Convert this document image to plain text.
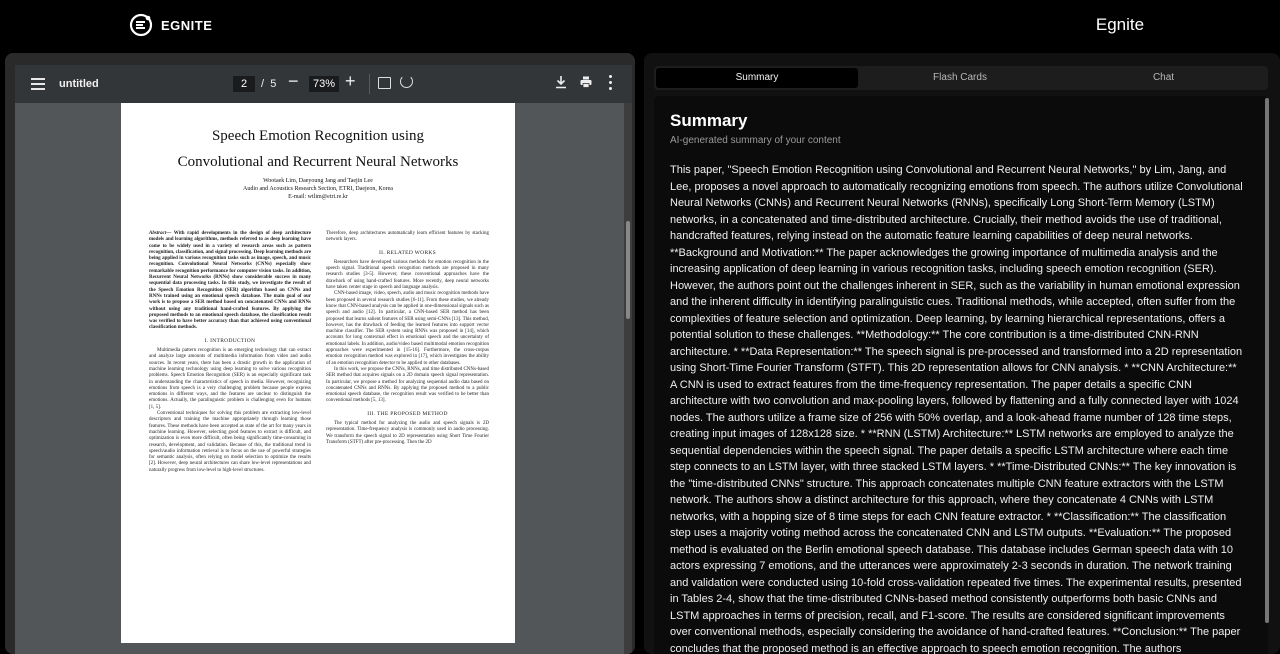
EGNITE	Egnite
untitled	2	/ 5 −	73% +
Speech Emotion Recognition using
Convolutional and Recurrent Neural Networks
Wootaek Lim, Daeyoung Jang and Taejin Lee
Audio and Acoustics Research Section, ETRI, Daejeon, Korea
E-mail: wtlim@etri.re.kr
Abstract— With rapid developments in the design of deep architecture models and learning algorithms, methods referred to as deep learning have come to be widely used in a variety of research areas such as pattern recognition, classification, and signal processing. Deep learning methods are being applied in various recognition tasks such as image, speech, and music recognition. Convolutional Neural Networks (CNNs) especially show remarkable recognition performance for computer vision tasks. In addition, Recurrent Neural Networks (RNNs) show considerable success in many sequential data processing tasks. In this study, we investigate the result of the Speech Emotion Recognition (SER) algorithm based on CNNs and RNNs trained using an emotional speech database. The main goal of our work is to propose a SER method based on concatenated CNNs and RNNs without using any traditional hand-crafted features. By applying the proposed methods to an emotional speech database, the classification result was verified to have better accuracy than that achieved using conventional classification methods.
I. INTRODUCTION
Multimedia pattern recognition is an emerging technology that can extract and analyze large amounts of multimedia information from video and audio sources. In recent years, there has been a drastic growth in the application of machine learning technology using deep learning to solve various recognition problems. Speech Emotion Recognition (SER) is an especially significant task in understanding the characteristics of speech in media. However, recognizing emotions from speech is a very challenging problem because people express emotions in different ways, and the features are unclear to distinguish the emotions. Actually, the paralinguistic problem is challenging even for humans [1, 5].
Conventional techniques for solving this problem are extracting low-level descriptors and training the machine appropriately through learning those features. These methods have been accepted as state of the art for many years in machine learning. However, selecting good features to extract is difficult, and optimization is even more difficult, often being significantly time-consuming in research, development, and validation. Because of this, the traditional trend in speech/audio information retrieval is to focus on the use of powerful strategies for semantic analysis, often relying on model selection to optimize the results [2]. However, deep neural architectures can share low-level representations and naturally progress from low-level to high-level structures.
Therefore, deep architectures automatically learn efficient features by stacking network layers.
II. RELATED WORKS
Researchers have developed various methods for emotion recognition in the speech signal. Traditional speech recognition methods are proposed in many research studies [3-5]. However, these conventional approaches have the drawback of using hand-crafted features. More recently, deep neural networks have taken center stage in speech and language analysis.
CNN-based image, video, speech, audio and music recognition methods have been proposed in several research studies [6-11]. From these studies, we already know that CNN-based analysis can be applied in one-dimensional signals such as speech and audio [12]. In particular, a CNN-based SER method has been proposed that learns salient features of SER using semi-CNNs [13]. This method, however, has the drawback of feeding the learned features into support vector machine classifier. The SER system using RNNs was proposed in [14], which accounts for long contextual effect in emotional speech and the uncertainty of emotional labels. In addition, audio/video based multimodal emotion recognition approaches were experimented in [15-16]. Furthermore, the cross-corpus emotion recognition method was explored in [17], which investigates the ability of an emotion recognition detector to be applied to other databases.
In this work, we propose the CNNs, RNNs, and time distributed CNNs-based SER method that acquires signals on a 2D domain speech signal representation. In particular, we propose a method for analyzing sequential audio data based on concatenated CNNs and RNNs. By applying the proposed method to a public emotional speech database, the recognition result was verified to be better than conventional methods [5, 13].
III. THE PROPOSED METHOD
The typical method for analyzing the audio and speech signals is 2D representation. Time-frequency analysis is commonly used in audio processing. We transform the speech signal to 2D representation using Short Time Fourier Transform (STFT) after pre-processing. Then the 2D
Summary	Flash Cards	Chat
Summary
AI-generated summary of your content
This paper, "Speech Emotion Recognition using Convolutional and Recurrent Neural Networks," by Lim, Jang, and Lee, proposes a novel approach to automatically recognizing emotions from speech. The authors utilize Convolutional Neural Networks (CNNs) and Recurrent Neural Networks (RNNs), specifically Long Short-Term Memory (LSTM) networks, in a concatenated and time-distributed architecture. Crucially, their method avoids the use of traditional, handcrafted features, relying instead on the automatic feature learning capabilities of deep neural networks. **Background and Motivation:** The paper acknowledges the growing importance of multimedia analysis and the increasing application of deep learning in various recognition tasks, including speech emotion recognition (SER). However, the authors point out the challenges inherent in SER, such as the variability in human emotional expression and the inherent difficulty in identifying paralinguistic cues. Traditional methods, while accepted, often suffer from the complexities of feature selection and optimization. Deep learning, by learning hierarchical representations, offers a potential solution to these challenges. **Methodology:** The core contribution is a time-distributed CNN-RNN architecture. * **Data Representation:** The speech signal is pre-processed and transformed into a 2D representation using Short-Time Fourier Transform (STFT). This 2D representation allows for CNN analysis. * **CNN Architecture:** A CNN is used to extract features from the time-frequency representation. The paper details a specific CNN architecture with two convolution and max-pooling layers, followed by flattening and a fully connected layer with 1024 nodes. The authors utilize a frame size of 256 with 50% overlap, and a look-ahead frame number of 128 time steps, creating input images of 128x128 size. * **RNN (LSTM) Architecture:** LSTM networks are employed to analyze the sequential dependencies within the speech signal. The paper details a specific LSTM architecture where each time step connects to an LSTM layer, with three stacked LSTM layers. * **Time-Distributed CNNs:** The key innovation is the "time-distributed CNNs" structure. This approach concatenates multiple CNN feature extractors with the LSTM network. The authors show a distinct architecture for this approach, where they concatenate 4 CNNs with LSTM networks, with a hopping size of 8 time steps for each CNN feature extractor. * **Classification:** The classification step uses a majority voting method across the concatenated CNN and LSTM outputs. **Evaluation:** The proposed method is evaluated on the Berlin emotional speech database. This database includes German speech data with 10 actors expressing 7 emotions, and the utterances were approximately 2-3 seconds in duration. The network training and validation were conducted using 10-fold cross-validation repeated five times. The experimental results, presented in Tables 2-4, show that the time-distributed CNNs-based method consistently outperforms both basic CNNs and LSTM approaches in terms of precision, recall, and F1-score. The results are considered significant improvements over conventional methods, especially considering the avoidance of hand-crafted features. **Conclusion:** The paper concludes that the proposed method is an effective approach to speech emotion recognition. The authors
